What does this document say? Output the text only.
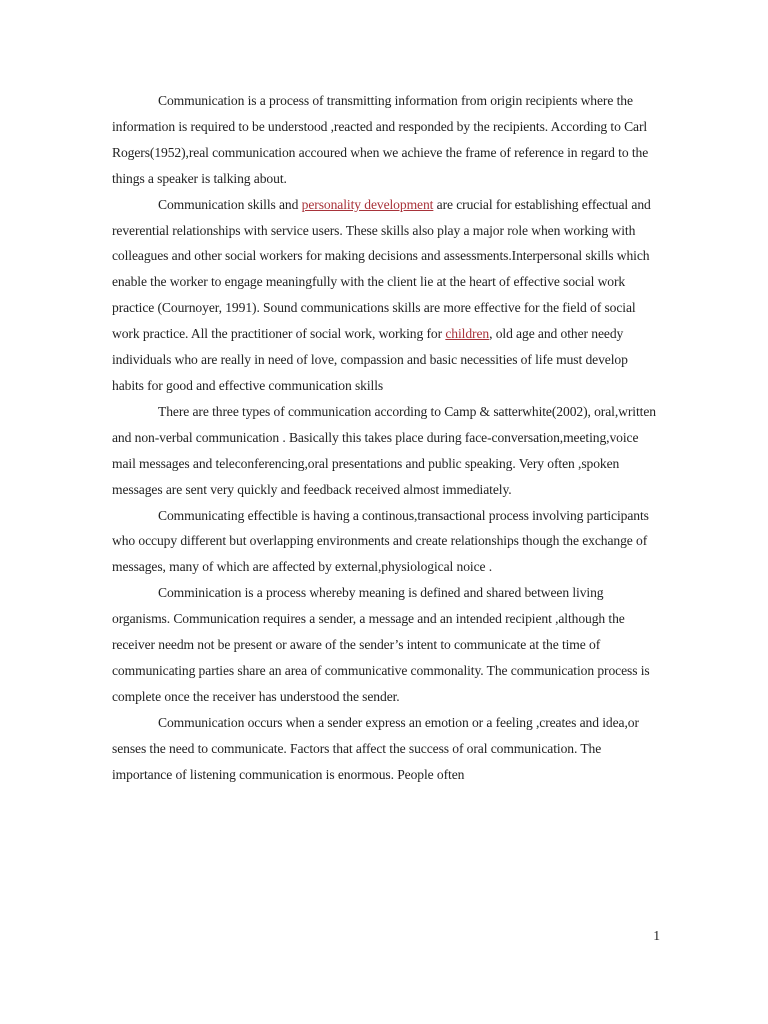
Communication is a process of transmitting information from origin recipients where the information is required to be understood ,reacted and responded by the recipients. According to Carl Rogers(1952),real communication accoured when we achieve the frame of reference in regard to the things a speaker is talking about.

Communication skills and personality development are crucial for establishing effectual and reverential relationships with service users. These skills also play a major role when working with colleagues and other social workers for making decisions and assessments.Interpersonal skills which enable the worker to engage meaningfully with the client lie at the heart of effective social work practice (Cournoyer, 1991). Sound communications skills are more effective for the field of social work practice. All the practitioner of social work, working for children, old age and other needy individuals who are really in need of love, compassion and basic necessities of life must develop habits for good and effective communication skills

There are three types of communication according to Camp & satterwhite(2002), oral,written and non-verbal communication . Basically this takes place during face-conversation,meeting,voice mail messages and teleconferencing,oral presentations and public speaking. Very often ,spoken messages are sent very quickly and feedback received almost immediately.

Communicating effectible is having a continous,transactional process involving participants who occupy different but overlapping environments and create relationships though the exchange of messages, many of which are affected by external,physiological noice .

Comminication is a process whereby meaning is defined and shared between living organisms. Communication requires a sender, a message and an intended recipient ,although the receiver needm not be present or aware of the sender’s intent to communicate at the time of communicating parties share an area of communicative commonality. The communication process is complete once the receiver has understood the sender.

Communication occurs when a sender express an emotion or a feeling ,creates and idea,or senses the need to communicate. Factors that affect the success of oral communication. The importance of listening communication is enormous. People often

1
